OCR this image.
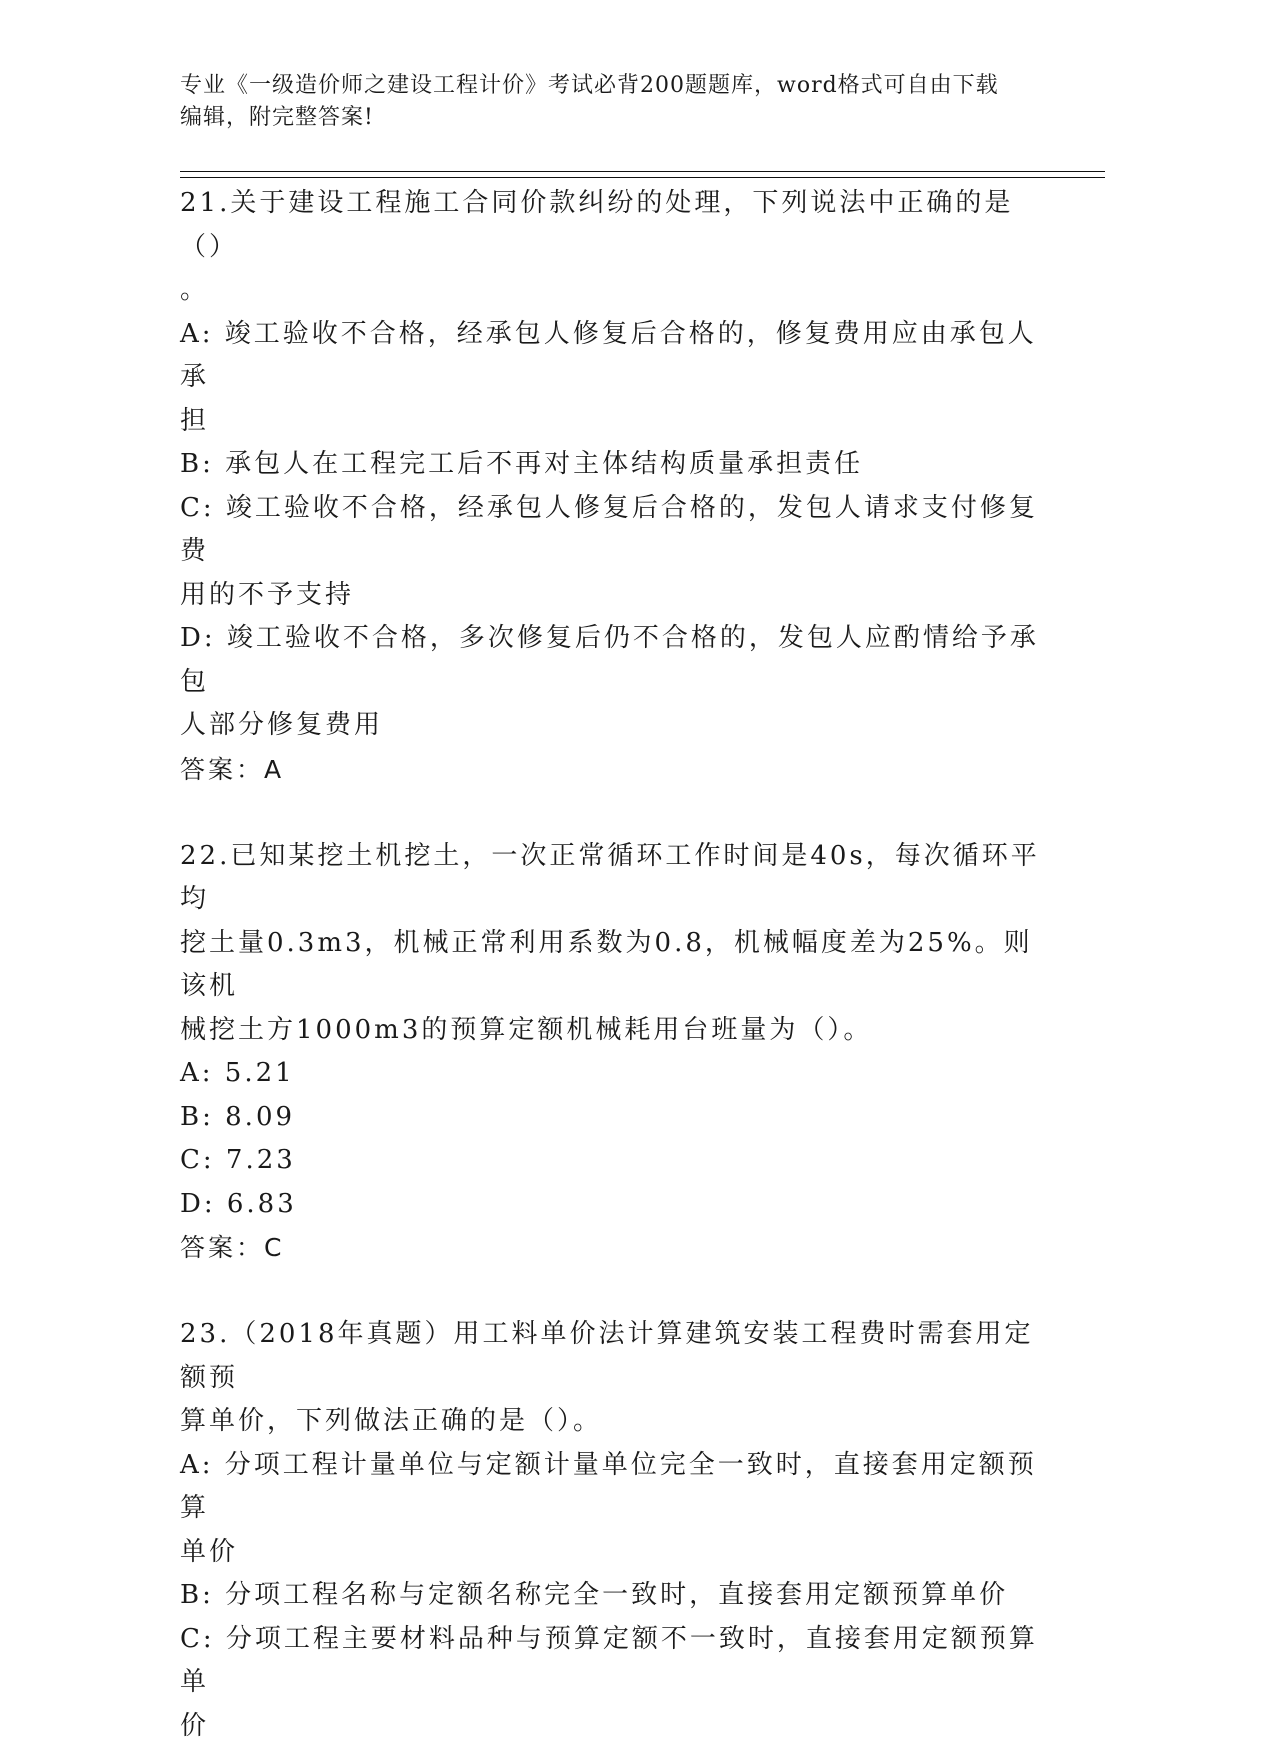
专业《一级造价师之建设工程计价》考试必背200题题库，word格式可自由下载
编辑，附完整答案!

21.关于建设工程施工合同价款纠纷的处理，下列说法中正确的是（）

。

A: 竣工验收不合格，经承包人修复后合格的，修复费用应由承包人承

担

B: 承包人在工程完工后不再对主体结构质量承担责任

C: 竣工验收不合格，经承包人修复后合格的，发包人请求支付修复费

用的不予支持

D: 竣工验收不合格，多次修复后仍不合格的，发包人应酌情给予承包

人部分修复费用

答案：A

22.已知某挖土机挖土，一次正常循环工作时间是40s，每次循环平均

挖土量0.3m3，机械正常利用系数为0.8，机械幅度差为25%。则该机

械挖土方1000m3的预算定额机械耗用台班量为（）。

A: 5.21

B: 8.09

C: 7.23

D: 6.83

答案：C

23.（2018年真题）用工料单价法计算建筑安装工程费时需套用定额预

算单价，下列做法正确的是（）。

A: 分项工程计量单位与定额计量单位完全一致时，直接套用定额预算

单价

B: 分项工程名称与定额名称完全一致时，直接套用定额预算单价

C: 分项工程主要材料品种与预算定额不一致时，直接套用定额预算单

价
